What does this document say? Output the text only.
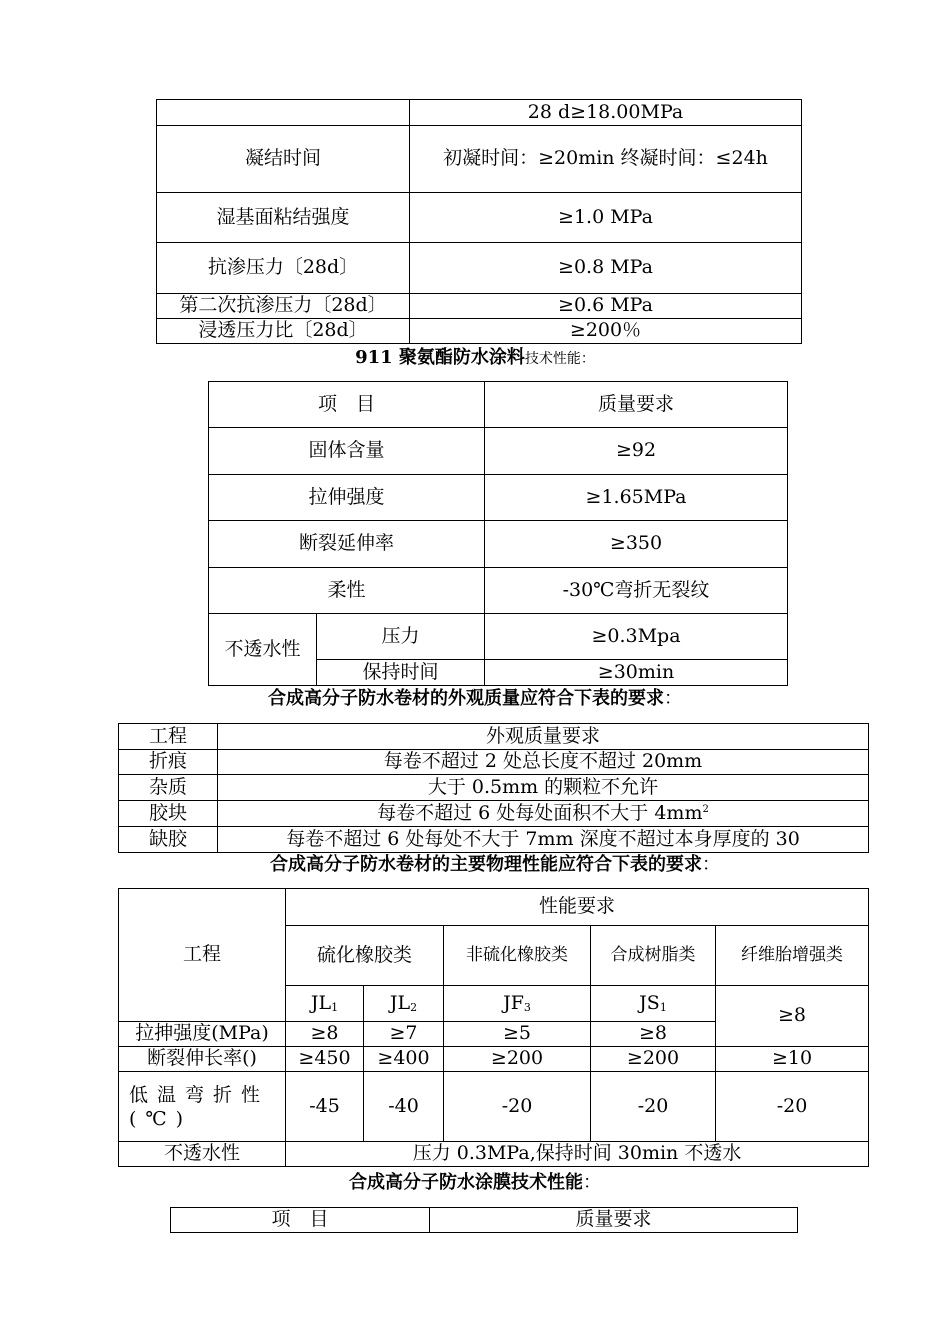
	28 d≥18.00MPa
凝结时间	初凝时间：≥20min 终凝时间：≤24h
湿基面粘结强度	≥1.0 MPa
抗渗压力〔28d〕	≥0.8 MPa
第二次抗渗压力〔28d〕	≥0.6 MPa
浸透压力比〔28d〕	≥200％
911 聚氨酯防水涂料技术性能：
项　目		质量要求
固体含量		≥92
拉伸强度		≥1.65MPa
断裂延伸率		≥350
柔性		-30℃弯折无裂纹
不透水性	压力	≥0.3Mpa
	保持时间	≥30min
合成高分子防水卷材的外观质量应符合下表的要求：
工程	外观质量要求
折痕	每卷不超过 2 处总长度不超过 20mm
杂质	大于 0.5mm 的颗粒不允许
胶块	每卷不超过 6 处每处面积不大于 $4mm^2$
缺胶	每卷不超过 6 处每处不大于 7mm 深度不超过本身厚度的 30
合成高分子防水卷材的主要物理性能应符合下表的要求：
工程	性能要求				
	硫化橡胶类		非硫化橡胶类	合成树脂类	纤维胎增强类
	$JL_1$	$JL_2$	$JF_3$	$JS_1$	≥8
拉抻强度(MPa)	≥8	≥7	≥5	≥8	
断裂伸长率()	≥450	≥400	≥200	≥200	≥10
低温弯折性(℃)	-45	-40	-20	-20	-20
不透水性	压力 0.3MPa,保持时间 30min 不透水				
合成高分子防水涂膜技术性能：
项　目	质量要求
